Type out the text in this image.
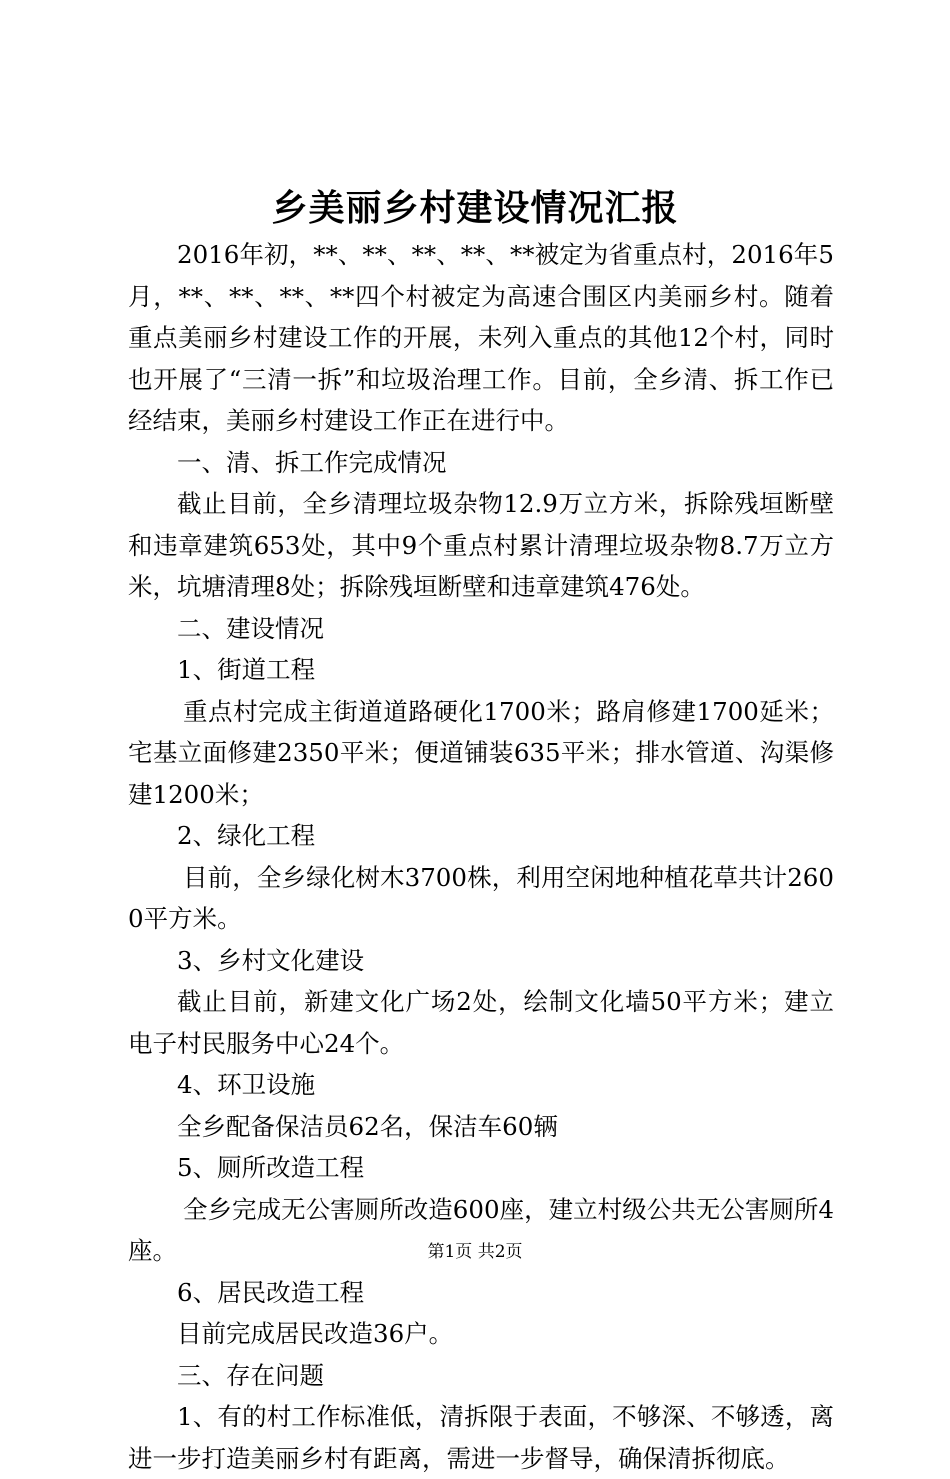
乡美丽乡村建设情况汇报

2016年初，**、**、**、**、**被定为省重点村，2016年5月，**、**、**、**四个村被定为高速合围区内美丽乡村。随着重点美丽乡村建设工作的开展，未列入重点的其他12个村，同时也开展了“三清一拆”和垃圾治理工作。目前，全乡清、拆工作已经结束，美丽乡村建设工作正在进行中。

一、清、拆工作完成情况

截止目前，全乡清理垃圾杂物12.9万立方米，拆除残垣断壁和违章建筑653处，其中9个重点村累计清理垃圾杂物8.7万立方米，坑塘清理8处；拆除残垣断壁和违章建筑476处。

二、建设情况

1、街道工程

重点村完成主街道道路硬化1700米；路肩修建1700延米；宅基立面修建2350平米；便道铺装635平米；排水管道、沟渠修建1200米；

2、绿化工程

目前，全乡绿化树木3700株，利用空闲地种植花草共计2600平方米。

3、乡村文化建设

截止目前，新建文化广场2处，绘制文化墙50平方米；建立电子村民服务中心24个。

4、环卫设施

全乡配备保洁员62名，保洁车60辆

5、厕所改造工程

全乡完成无公害厕所改造600座，建立村级公共无公害厕所4座。

6、居民改造工程

目前完成居民改造36户。

三、存在问题

1、有的村工作标准低，清拆限于表面，不够深、不够透，离进一步打造美丽乡村有距离，需进一步督导，确保清拆彻底。

第1页 共2页
